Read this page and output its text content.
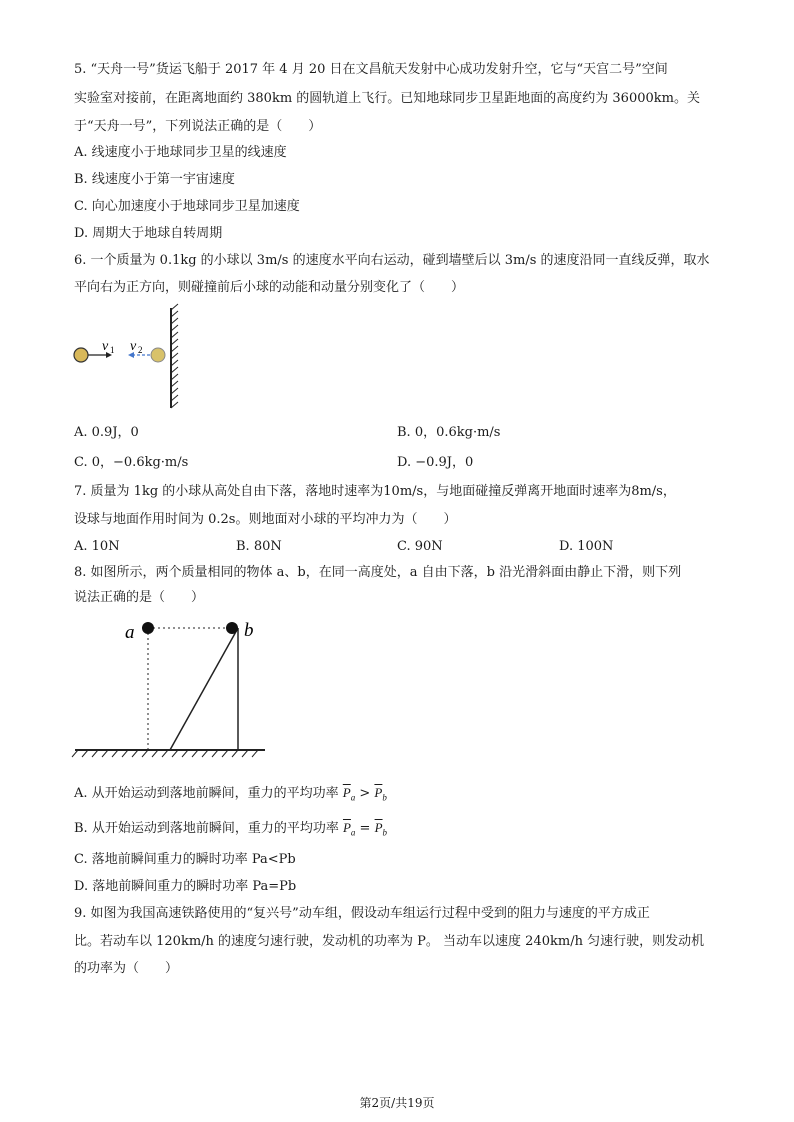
5. “天舟一号”货运飞船于 2017 年 4 月 20 日在文昌航天发射中心成功发射升空，它与“天宫二号”空间
实验室对接前，在距离地面约 380km 的圆轨道上飞行。已知地球同步卫星距地面的高度约为 36000km。关
于“天舟一号”，下列说法正确的是（　　）
A. 线速度小于地球同步卫星的线速度
B. 线速度小于第一宇宙速度
C. 向心加速度小于地球同步卫星加速度
D. 周期大于地球自转周期
6. 一个质量为 0.1kg 的小球以 3m/s 的速度水平向右运动，碰到墙壁后以 3m/s 的速度沿同一直线反弹，取水
平向右为正方向，则碰撞前后小球的动能和动量分别变化了（　　）
v 1 v 2
A. 0.9J，0	B. 0，0.6kg·m/s
C. 0，−0.6kg·m/s	D. −0.9J，0
7. 质量为 1kg 的小球从高处自由下落，落地时速率为10m/s，与地面碰撞反弹离开地面时速率为8m/s，
设球与地面作用时间为 0.2s。则地面对小球的平均冲力为（　　）
A. 10N	B. 80N	C. 90N	D. 100N
8. 如图所示，两个质量相同的物体 a、b，在同一高度处，a 自由下落，b 沿光滑斜面由静止下滑，则下列
说法正确的是（　　）
a	b
A. 从开始运动到落地前瞬间，重力的平均功率 $\overline{P}_a > \overline{P}_b$
B. 从开始运动到落地前瞬间，重力的平均功率 $\overline{P}_a = \overline{P}_b$
C. 落地前瞬间重力的瞬时功率 Pa<Pb
D. 落地前瞬间重力的瞬时功率 Pa=Pb
9. 如图为我国高速铁路使用的“复兴号”动车组，假设动车组运行过程中受到的阻力与速度的平方成正
比。若动车以 120km/h 的速度匀速行驶，发动机的功率为 P。 当动车以速度 240km/h 匀速行驶，则发动机
的功率为（　　）
第2页/共19页
